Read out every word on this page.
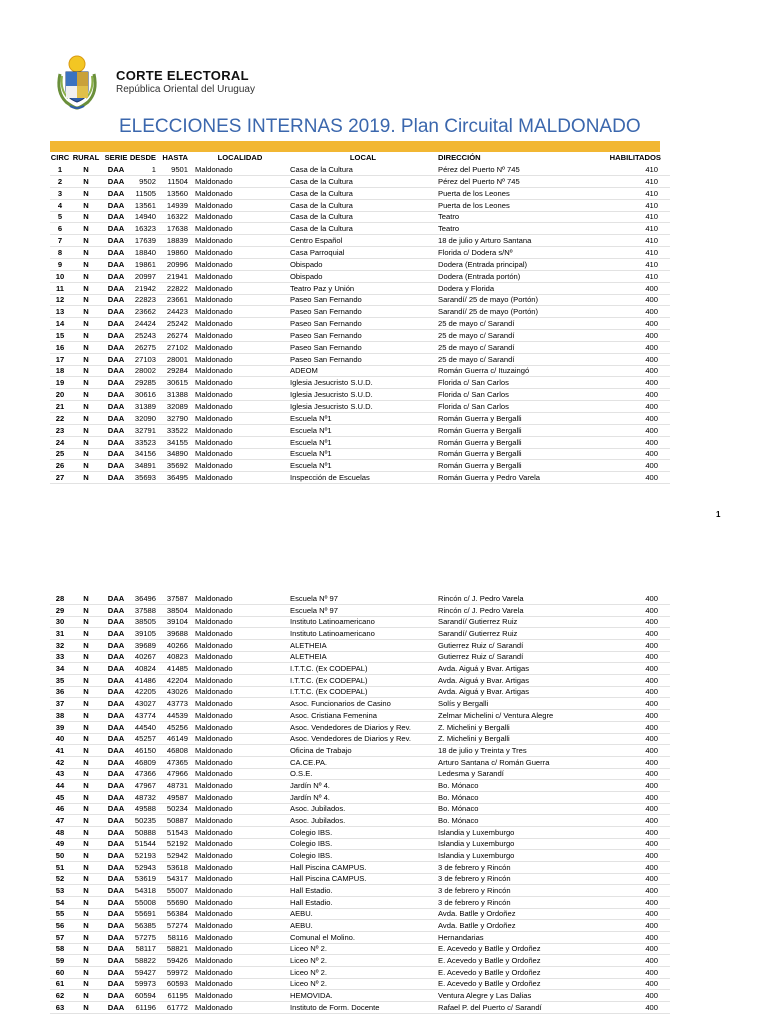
CORTE ELECTORAL
República Oriental del Uruguay
ELECCIONES INTERNAS 2019. Plan Circuital MALDONADO
CIRC RURAL SERIE DESDE HASTA	LOCALIDAD	LOCAL	DIRECCIÓN	HABILITADOS
1	N	DAA	1	9501 Maldonado	Casa de la Cultura	Pérez del Puerto Nº 745	410
2	N	DAA	9502	11504 Maldonado	Casa de la Cultura	Pérez del Puerto Nº 745	410
3	N	DAA	11505	13560 Maldonado	Casa de la Cultura	Puerta de los Leones	410
4	N	DAA	13561	14939 Maldonado	Casa de la Cultura	Puerta de los Leones	410
5	N	DAA	14940	16322 Maldonado	Casa de la Cultura	Teatro	410
6	N	DAA	16323	17638 Maldonado	Casa de la Cultura	Teatro	410
7	N	DAA	17639	18839 Maldonado	Centro Español	18 de julio y Arturo Santana	410
8	N	DAA	18840	19860 Maldonado	Casa Parroquial	Florida c/ Dodera s/Nº	410
9	N	DAA	19861	20996 Maldonado	Obispado	Dodera (Entrada principal)	410
10	N	DAA	20997	21941 Maldonado	Obispado	Dodera (Entrada portón)	410
11	N	DAA	21942	22822 Maldonado	Teatro Paz y Unión	Dodera y Florida	400
12	N	DAA	22823	23661 Maldonado	Paseo San Fernando	Sarandí/ 25 de mayo (Portón)	400
13	N	DAA	23662	24423 Maldonado	Paseo San Fernando	Sarandí/ 25 de mayo (Portón)	400
14	N	DAA	24424	25242 Maldonado	Paseo San Fernando	25 de mayo c/ Sarandí	400
15	N	DAA	25243	26274 Maldonado	Paseo San Fernando	25 de mayo c/ Sarandí	400
16	N	DAA	26275	27102 Maldonado	Paseo San Fernando	25 de mayo c/ Sarandí	400
17	N	DAA	27103	28001 Maldonado	Paseo San Fernando	25 de mayo c/ Sarandí	400
18	N	DAA	28002	29284 Maldonado	ADEOM	Román Guerra c/ Ituzaingó	400
19	N	DAA	29285	30615 Maldonado	Iglesia Jesucristo S.U.D.	Florida c/ San Carlos	400
20	N	DAA	30616	31388 Maldonado	Iglesia Jesucristo S.U.D.	Florida c/ San Carlos	400
21	N	DAA	31389	32089 Maldonado	Iglesia Jesucristo S.U.D.	Florida c/ San Carlos	400
22	N	DAA	32090	32790 Maldonado	Escuela Nº1	Román Guerra y Bergalli	400
23	N	DAA	32791	33522 Maldonado	Escuela Nº1	Román Guerra y Bergalli	400
24	N	DAA	33523	34155 Maldonado	Escuela Nº1	Román Guerra y Bergalli	400
25	N	DAA	34156	34890 Maldonado	Escuela Nº1	Román Guerra y Bergalli	400
26	N	DAA	34891	35692 Maldonado	Escuela Nº1	Román Guerra y Bergalli	400
27	N	DAA	35693	36495 Maldonado	Inspección de Escuelas	Román Guerra y Pedro Varela	400
28	N	DAA	36496	37587 Maldonado	Escuela Nº 97	Rincón c/ J. Pedro Varela	400
29	N	DAA	37588	38504 Maldonado	Escuela Nº 97	Rincón c/ J. Pedro Varela	400
30	N	DAA	38505	39104 Maldonado	Instituto Latinoamericano	Sarandí/ Gutierrez Ruiz	400
31	N	DAA	39105	39688 Maldonado	Instituto Latinoamericano	Sarandí/ Gutierrez Ruiz	400
32	N	DAA	39689	40266 Maldonado	ALETHEIA	Gutierrez Ruiz c/ Sarandí	400
33	N	DAA	40267	40823 Maldonado	ALETHEIA	Gutierrez Ruiz c/ Sarandí	400
34	N	DAA	40824	41485 Maldonado	I.T.T.C. (Ex CODEPAL)	Avda. Aiguá y Bvar. Artigas	400
35	N	DAA	41486	42204 Maldonado	I.T.T.C. (Ex CODEPAL)	Avda. Aiguá y Bvar. Artigas	400
36	N	DAA	42205	43026 Maldonado	I.T.T.C. (Ex CODEPAL)	Avda. Aiguá y Bvar. Artigas	400
37	N	DAA	43027	43773 Maldonado	Asoc. Funcionarios de Casino	Solís y Bergalli	400
38	N	DAA	43774	44539 Maldonado	Asoc. Cristiana Femenina	Zelmar Michelini c/ Ventura Alegre	400
39	N	DAA	44540	45256 Maldonado	Asoc. Vendedores de Diarios y Rev.	Z. Michelini y Bergalli	400
40	N	DAA	45257	46149 Maldonado	Asoc. Vendedores de Diarios y Rev.	Z. Michelini y Bergalli	400
41	N	DAA	46150	46808 Maldonado	Oficina de Trabajo	18 de julio y Treinta y Tres	400
42	N	DAA	46809	47365 Maldonado	CA.CE.PA.	Arturo Santana c/ Román Guerra	400
43	N	DAA	47366	47966 Maldonado	O.S.E.	Ledesma y Sarandí	400
44	N	DAA	47967	48731 Maldonado	Jardín Nº 4.	Bo. Mónaco	400
45	N	DAA	48732	49587 Maldonado	Jardín Nº 4.	Bo. Mónaco	400
46	N	DAA	49588	50234 Maldonado	Asoc. Jubilados.	Bo. Mónaco	400
47	N	DAA	50235	50887 Maldonado	Asoc. Jubilados.	Bo. Mónaco	400
48	N	DAA	50888	51543 Maldonado	Colegio IBS.	Islandia y Luxemburgo	400
49	N	DAA	51544	52192 Maldonado	Colegio IBS.	Islandia y Luxemburgo	400
50	N	DAA	52193	52942 Maldonado	Colegio IBS.	Islandia y Luxemburgo	400
51	N	DAA	52943	53618 Maldonado	Hall Piscina CAMPUS.	3 de febrero y Rincón	400
52	N	DAA	53619	54317 Maldonado	Hall Piscina CAMPUS.	3 de febrero y Rincón	400
53	N	DAA	54318	55007 Maldonado	Hall Estadio.	3 de febrero y Rincón	400
54	N	DAA	55008	55690 Maldonado	Hall Estadio.	3 de febrero y Rincón	400
55	N	DAA	55691	56384 Maldonado	AEBU.	Avda. Batlle y Ordoñez	400
56	N	DAA	56385	57274 Maldonado	AEBU.	Avda. Batlle y Ordoñez	400
57	N	DAA	57275	58116 Maldonado	Comunal el Molino.	Hernandarias	400
58	N	DAA	58117	58821 Maldonado	Liceo Nº 2.	E. Acevedo y Batlle y Ordoñez	400
59	N	DAA	58822	59426 Maldonado	Liceo Nº 2.	E. Acevedo y Batlle y Ordoñez	400
60	N	DAA	59427	59972 Maldonado	Liceo Nº 2.	E. Acevedo y Batlle y Ordoñez	400
61	N	DAA	59973	60593 Maldonado	Liceo Nº 2.	E. Acevedo y Batlle y Ordoñez	400
62	N	DAA	60594	61195 Maldonado	HEMOVIDA.	Ventura Alegre y Las Dalias	400
63	N	DAA	61196	61772 Maldonado	Instituto de Form. Docente	Rafael P. del Puerto c/ Sarandí	400
1
